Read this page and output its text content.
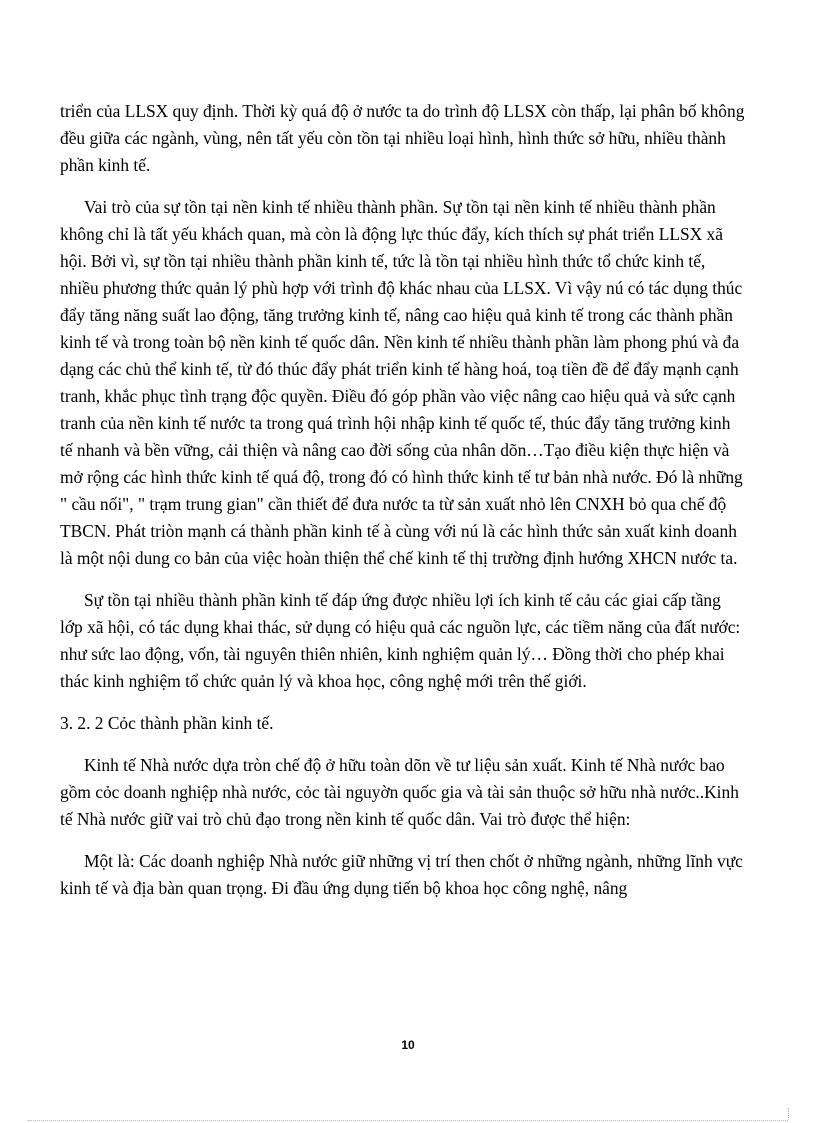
triển của LLSX quy định. Thời kỳ quá độ ở nước ta do trình độ LLSX còn thấp, lại phân bố không đều giữa các ngành, vùng, nên tất yếu còn tồn tại nhiều loại hình, hình thức sở hữu, nhiều thành phần kinh tế.

Vai trò của sự tồn tại nền kinh tế nhiều thành phần. Sự tồn tại nền kinh tế nhiều thành phần không chỉ là tất yếu khách quan, mà còn là động lực thúc đẩy, kích thích sự phát triển LLSX xã hội. Bởi vì, sự tồn tại nhiều thành phần kinh tế, tức là tồn tại nhiều hình thức tổ chức kinh tế, nhiều phương thức quản lý phù hợp với trình độ khác nhau của LLSX. Vì vậy nú có tác dụng thúc đẩy tăng năng suất lao động, tăng trưởng kinh tế, nâng cao hiệu quả kinh tế trong các thành phần kinh tế và trong toàn bộ nền kinh tế quốc dân. Nền kinh tế nhiều thành phần làm phong phú và đa dạng các chủ thể kinh tế, từ đó thúc đẩy phát triển kinh tế hàng hoá, toạ tiền đề để đẩy mạnh cạnh tranh, khắc phục tình trạng độc quyền. Điều đó góp phần vào việc nâng cao hiệu quả và sức cạnh tranh của nền kinh tế nước ta trong quá trình hội nhập kinh tế quốc tế, thúc đẩy tăng trưởng kinh tế nhanh và bền vững, cải thiện và nâng cao đời sống của nhân dõn…Tạo điều kiện thực hiện và mở rộng các hình thức kinh tế quá độ, trong đó có hình thức kinh tế tư bản nhà nước. Đó là những " cầu nối", " trạm trung gian" cần thiết để đưa nước ta từ sản xuất nhỏ lên CNXH bỏ qua chế độ TBCN. Phát triòn mạnh cá thành phần kinh tế à cùng với nú là các hình thức sản xuất kinh doanh là một nội dung co bản của việc hoàn thiện thể chế kinh tế thị trường định hướng XHCN nước ta.

Sự tồn tại nhiều thành phần kinh tế đáp ứng được nhiều lợi ích kinh tế cảu các giai cấp tầng lớp xã hội, có tác dụng khai thác, sử dụng có hiệu quả các nguồn lực, các tiềm năng của đất nước: như sức lao động, vốn, tài nguyên thiên nhiên, kinh nghiệm quản lý… Đồng thời cho phép khai thác kinh nghiệm tổ chức quản lý và khoa học, công nghệ mới trên thế giới.

3. 2. 2 Cỏc thành phần kinh tế.

Kinh tế Nhà nước dựa tròn chế độ ở hữu toàn dõn về tư liệu sản xuất. Kinh tế Nhà nước bao gồm cỏc doanh nghiệp nhà nước, cỏc tài nguyờn quốc gia và tài sản thuộc sở hữu nhà nước..Kinh tế Nhà nước giữ vai trò chủ đạo trong nền kinh tế quốc dân. Vai trò được thể hiện:

Một là: Các doanh nghiệp Nhà nước giữ những vị trí then chốt ở những ngành, những lĩnh vực kinh tế và địa bàn quan trọng. Đi đầu ứng dụng tiến bộ khoa học công nghệ, nâng

10
